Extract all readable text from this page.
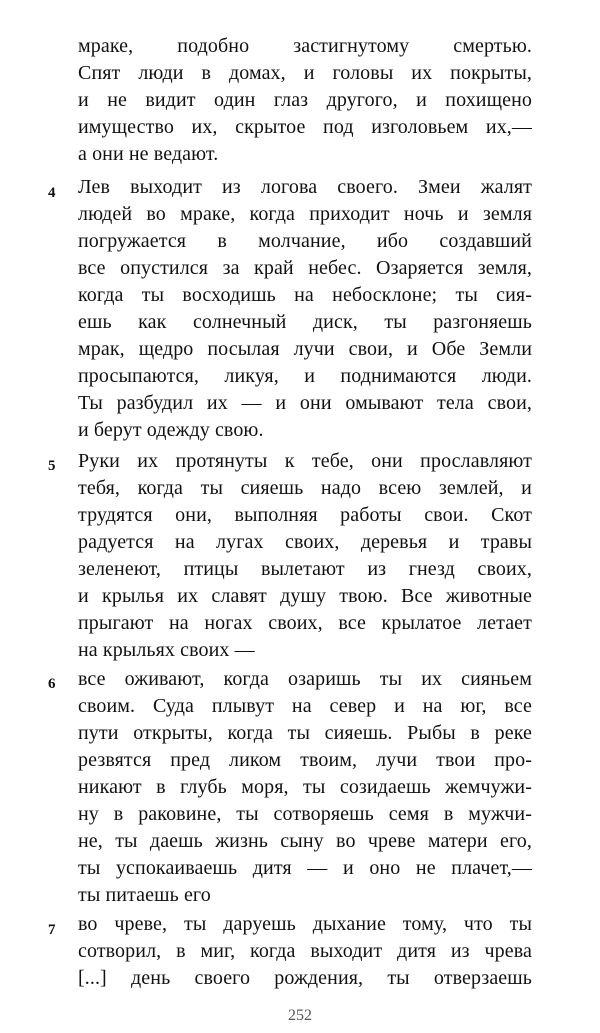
мраке, подобно застигнутому смертью.
Спят люди в домах, и головы их покрыты,
и не видит один глаз другого, и похищено
имущество их, скрытое под изголовьем их,—
а они не ведают.
4 Лев выходит из логова своего. Змеи жалят
людей во мраке, когда приходит ночь и земля
погружается в молчание, ибо создавший
все опустился за край небес. Озаряется земля,
когда ты восходишь на небосклоне; ты сия-
ешь как солнечный диск, ты разгоняешь
мрак, щедро посылая лучи свои, и Обе Земли
просыпаются, ликуя, и поднимаются люди.
Ты разбудил их — и они омывают тела свои,
и берут одежду свою.
5 Руки их протянуты к тебе, они прославляют
тебя, когда ты сияешь надо всею землей, и
трудятся они, выполняя работы свои. Скот
радуется на лугах своих, деревья и травы
зеленеют, птицы вылетают из гнезд своих,
и крылья их славят душу твою. Все животные
прыгают на ногах своих, все крылатое летает
на крыльях своих —
6 все оживают, когда озаришь ты их сияньем
своим. Суда плывут на север и на юг, все
пути открыты, когда ты сияешь. Рыбы в реке
резвятся пред ликом твоим, лучи твои про-
никают в глубь моря, ты созидаешь жемчужи-
ну в раковине, ты сотворяешь семя в мужчи-
не, ты даешь жизнь сыну во чреве матери его,
ты успокаиваешь дитя — и оно не плачет,—
ты питаешь его
7 во чреве, ты даруешь дыхание тому, что ты
сотворил, в миг, когда выходит дитя из чрева
[...] день своего рождения, ты отверзаешь
252
